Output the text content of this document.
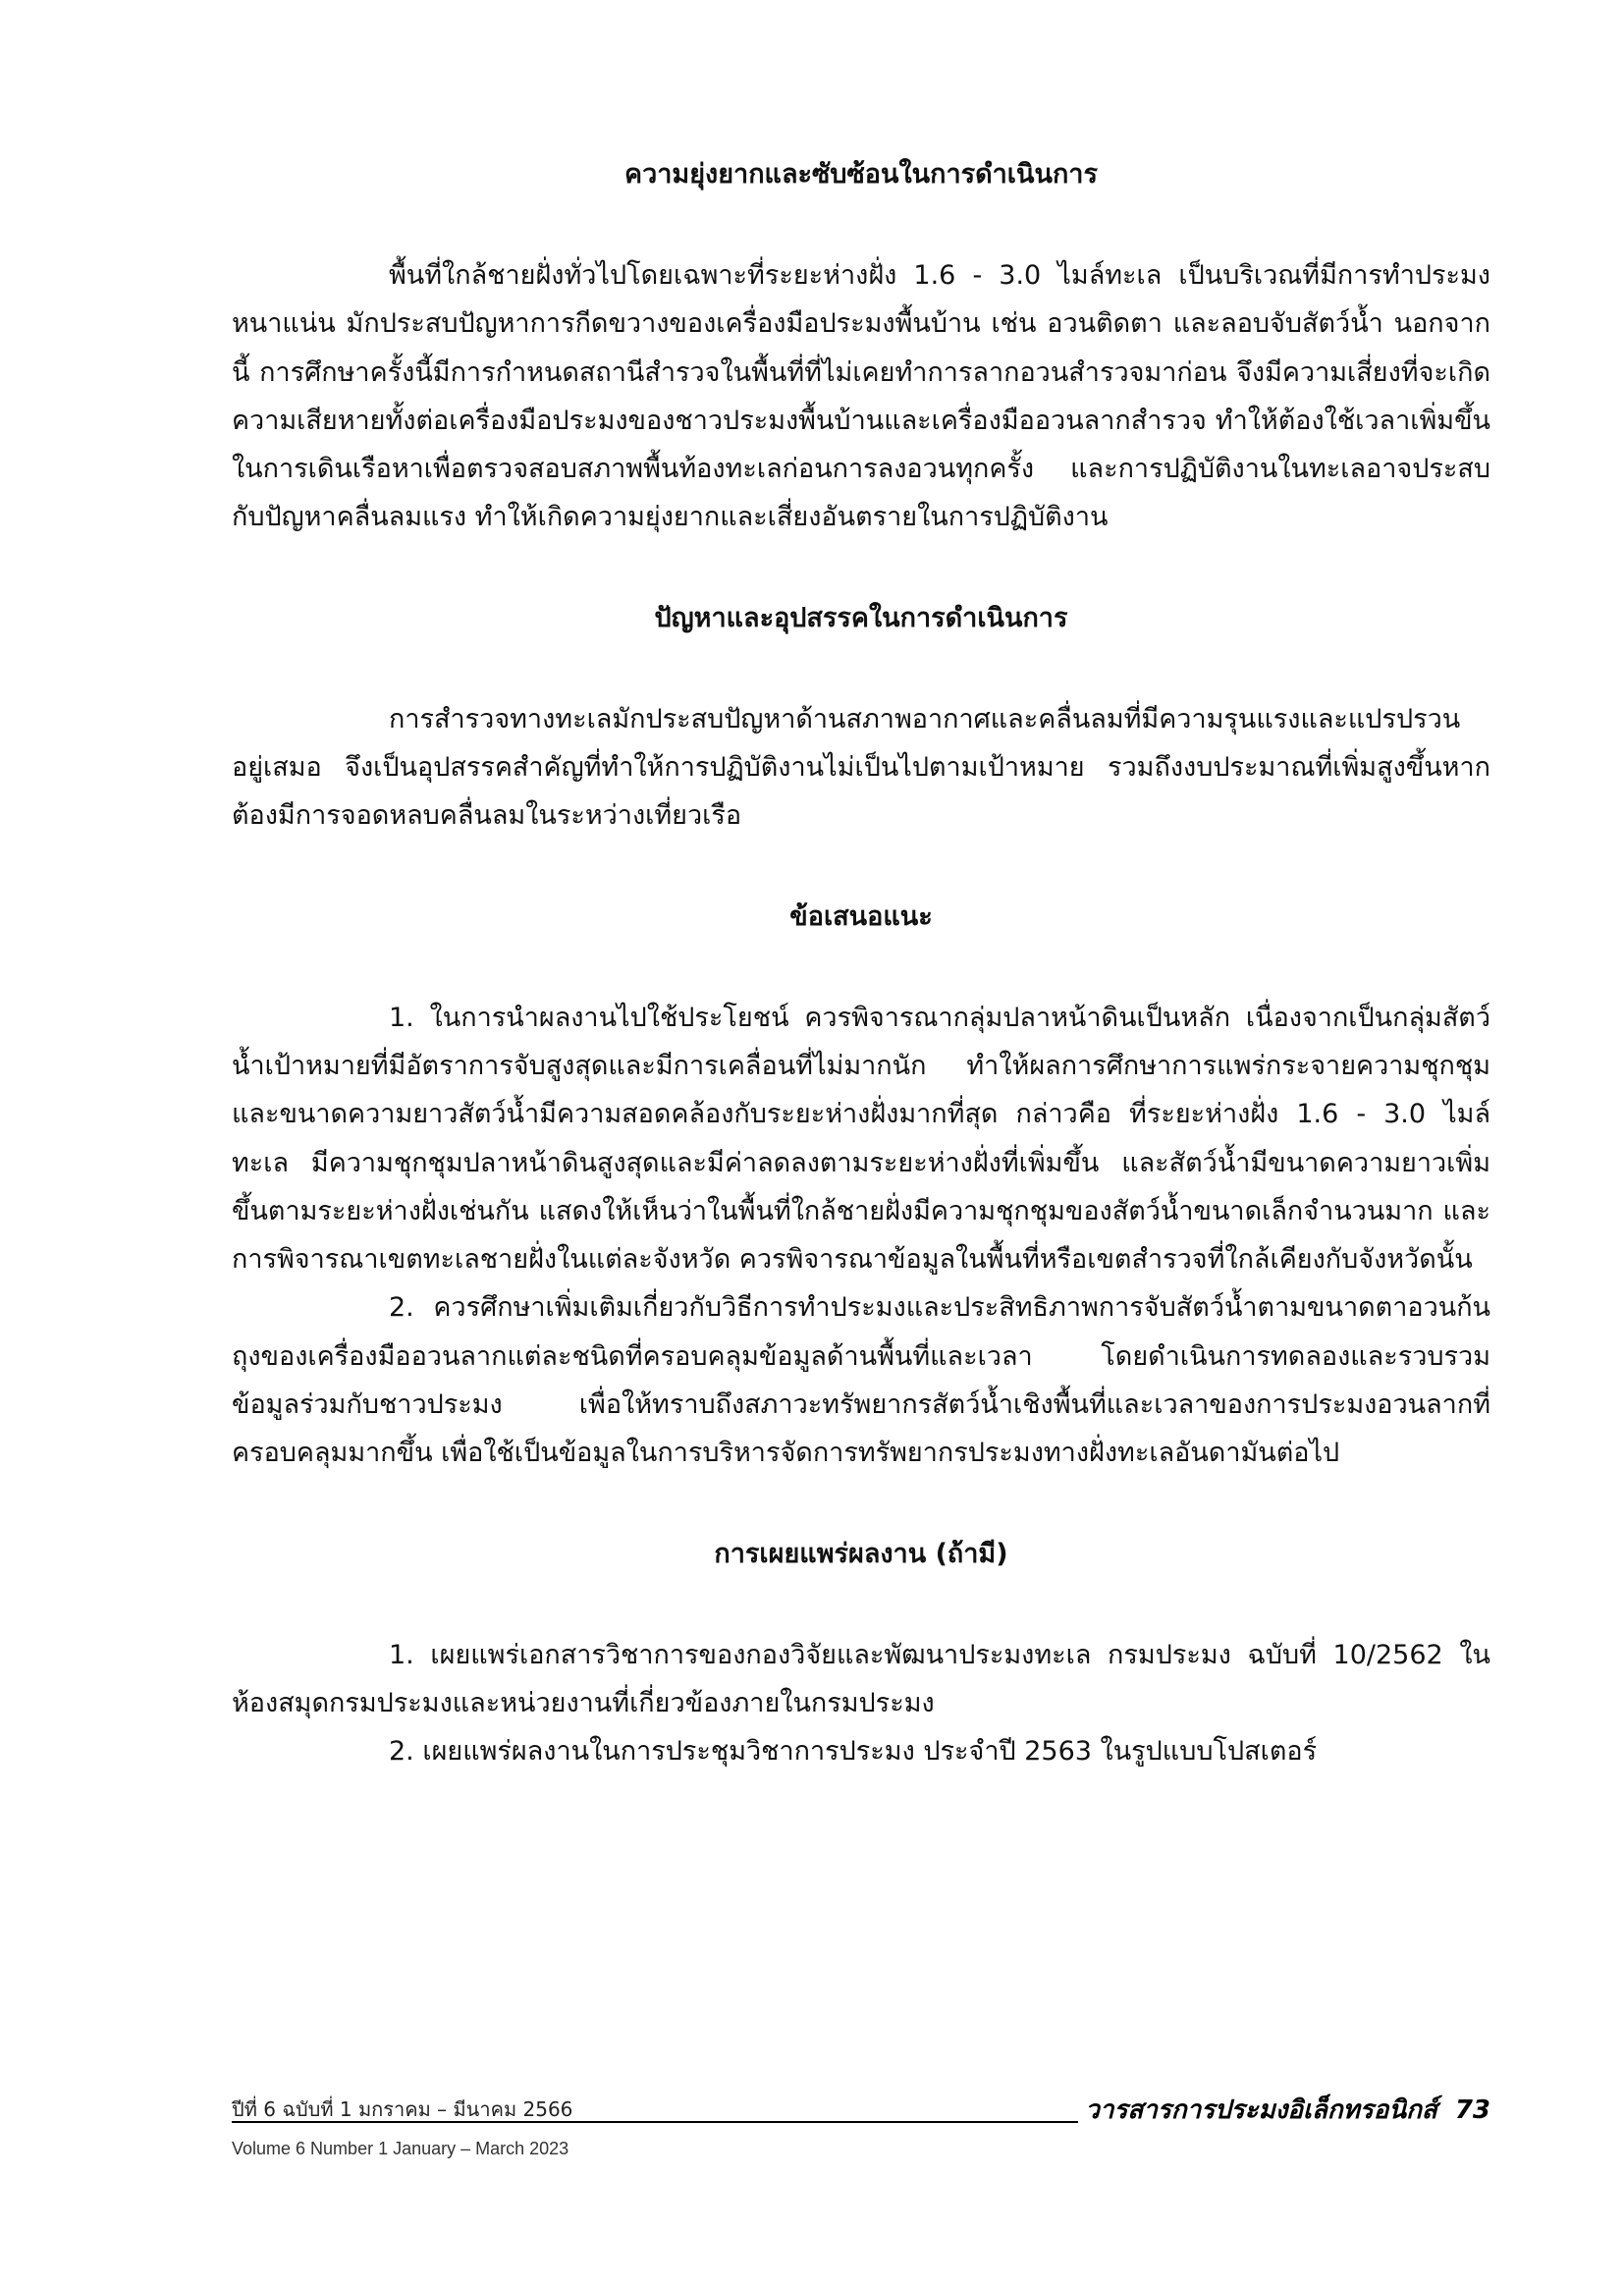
ความยุ่งยากและซับซ้อนในการดำเนินการ

พื้นที่ใกล้ชายฝั่งทั่วไปโดยเฉพาะที่ระยะห่างฝั่ง 1.6 - 3.0 ไมล์ทะเล เป็นบริเวณที่มีการทำประมงหนาแน่น มักประสบปัญหาการกีดขวางของเครื่องมือประมงพื้นบ้าน เช่น อวนติดตา และลอบจับสัตว์น้ำ นอกจากนี้ การศึกษาครั้งนี้มีการกำหนดสถานีสำรวจในพื้นที่ที่ไม่เคยทำการลากอวนสำรวจมาก่อน จึงมีความเสี่ยงที่จะเกิดความเสียหายทั้งต่อเครื่องมือประมงของชาวประมงพื้นบ้านและเครื่องมืออวนลากสำรวจ ทำให้ต้องใช้เวลาเพิ่มขึ้นในการเดินเรือหาเพื่อตรวจสอบสภาพพื้นท้องทะเลก่อนการลงอวนทุกครั้ง และการปฏิบัติงานในทะเลอาจประสบกับปัญหาคลื่นลมแรง ทำให้เกิดความยุ่งยากและเสี่ยงอันตรายในการปฏิบัติงาน

ปัญหาและอุปสรรคในการดำเนินการ

การสำรวจทางทะเลมักประสบปัญหาด้านสภาพอากาศและคลื่นลมที่มีความรุนแรงและแปรปรวนอยู่เสมอ จึงเป็นอุปสรรคสำคัญที่ทำให้การปฏิบัติงานไม่เป็นไปตามเป้าหมาย รวมถึงงบประมาณที่เพิ่มสูงขึ้นหากต้องมีการจอดหลบคลื่นลมในระหว่างเที่ยวเรือ

ข้อเสนอแนะ

1. ในการนำผลงานไปใช้ประโยชน์ ควรพิจารณากลุ่มปลาหน้าดินเป็นหลัก เนื่องจากเป็นกลุ่มสัตว์น้ำเป้าหมายที่มีอัตราการจับสูงสุดและมีการเคลื่อนที่ไม่มากนัก ทำให้ผลการศึกษาการแพร่กระจายความชุกชุมและขนาดความยาวสัตว์น้ำมีความสอดคล้องกับระยะห่างฝั่งมากที่สุด กล่าวคือ ที่ระยะห่างฝั่ง 1.6 - 3.0 ไมล์ทะเล มีความชุกชุมปลาหน้าดินสูงสุดและมีค่าลดลงตามระยะห่างฝั่งที่เพิ่มขึ้น และสัตว์น้ำมีขนาดความยาวเพิ่มขึ้นตามระยะห่างฝั่งเช่นกัน แสดงให้เห็นว่าในพื้นที่ใกล้ชายฝั่งมีความชุกชุมของสัตว์น้ำขนาดเล็กจำนวนมาก และการพิจารณาเขตทะเลชายฝั่งในแต่ละจังหวัด ควรพิจารณาข้อมูลในพื้นที่หรือเขตสำรวจที่ใกล้เคียงกับจังหวัดนั้น

2. ควรศึกษาเพิ่มเติมเกี่ยวกับวิธีการทำประมงและประสิทธิภาพการจับสัตว์น้ำตามขนาดตาอวนก้นถุงของเครื่องมืออวนลากแต่ละชนิดที่ครอบคลุมข้อมูลด้านพื้นที่และเวลา โดยดำเนินการทดลองและรวบรวมข้อมูลร่วมกับชาวประมง เพื่อให้ทราบถึงสภาวะทรัพยากรสัตว์น้ำเชิงพื้นที่และเวลาของการประมงอวนลากที่ครอบคลุมมากขึ้น เพื่อใช้เป็นข้อมูลในการบริหารจัดการทรัพยากรประมงทางฝั่งทะเลอันดามันต่อไป

การเผยแพร่ผลงาน (ถ้ามี)

1. เผยแพร่เอกสารวิชาการของกองวิจัยและพัฒนาประมงทะเล กรมประมง ฉบับที่ 10/2562 ในห้องสมุดกรมประมงและหน่วยงานที่เกี่ยวข้องภายในกรมประมง

2. เผยแพร่ผลงานในการประชุมวิชาการประมง ประจำปี 2563 ในรูปแบบโปสเตอร์

ปีที่ 6 ฉบับที่ 1 มกราคม – มีนาคม 2566	วารสารการประมงอิเล็กทรอนิกส์ 73
Volume 6 Number 1 January – March 2023
